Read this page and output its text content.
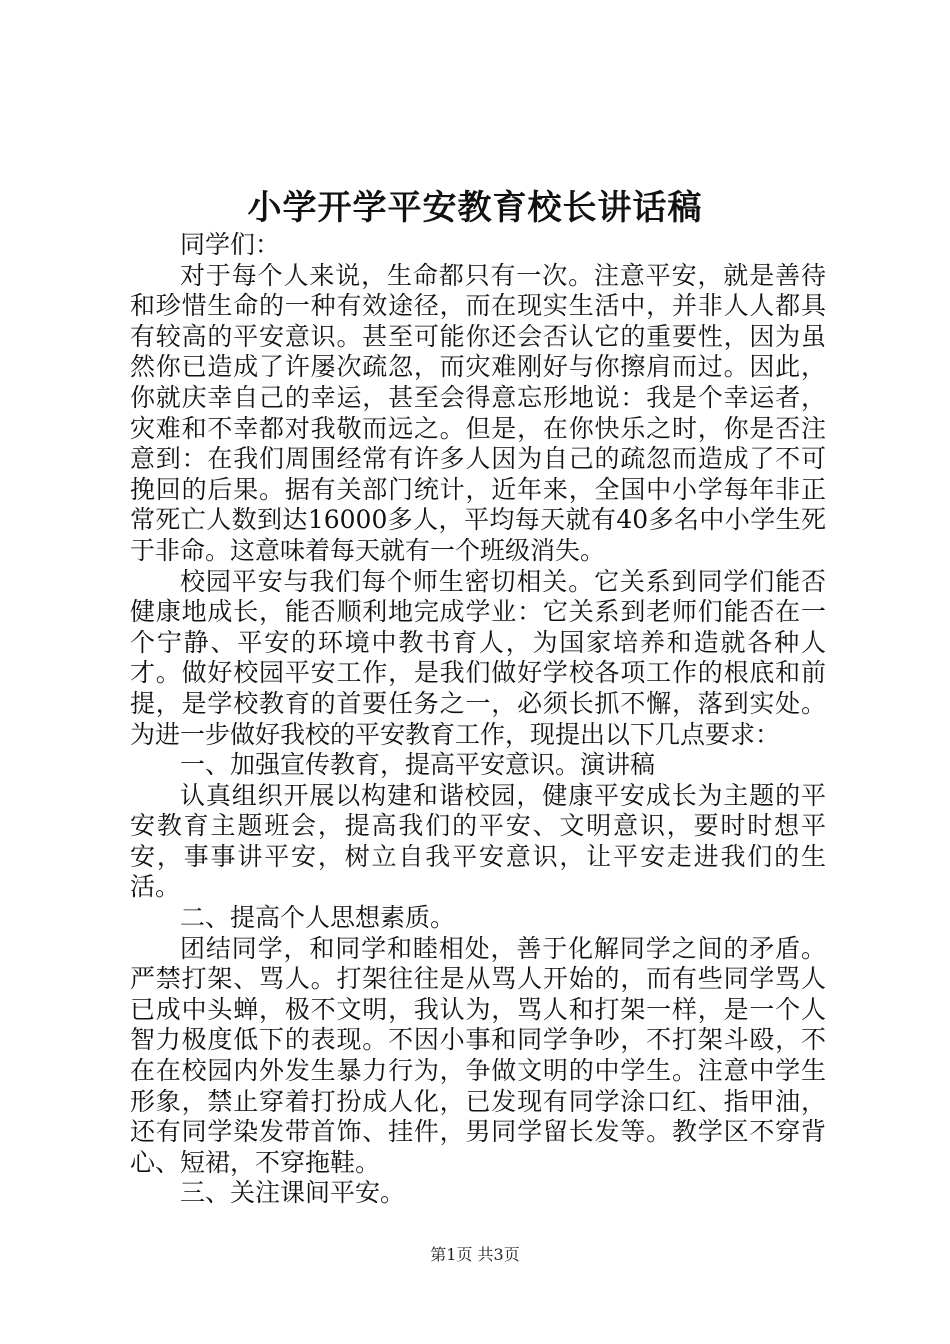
小学开学平安教育校长讲话稿

同学们：

对于每个人来说，生命都只有一次。注意平安，就是善待和珍惜生命的一种有效途径，而在现实生活中，并非人人都具有较高的平安意识。甚至可能你还会否认它的重要性，因为虽然你已造成了许屡次疏忽，而灾难刚好与你擦肩而过。因此，你就庆幸自己的幸运，甚至会得意忘形地说：我是个幸运者，灾难和不幸都对我敬而远之。但是，在你快乐之时，你是否注意到：在我们周围经常有许多人因为自己的疏忽而造成了不可挽回的后果。据有关部门统计，近年来，全国中小学每年非正常死亡人数到达16000多人，平均每天就有40多名中小学生死于非命。这意味着每天就有一个班级消失。

校园平安与我们每个师生密切相关。它关系到同学们能否健康地成长，能否顺利地完成学业：它关系到老师们能否在一个宁静、平安的环境中教书育人，为国家培养和造就各种人才。做好校园平安工作，是我们做好学校各项工作的根底和前提，是学校教育的首要任务之一，必须长抓不懈，落到实处。为进一步做好我校的平安教育工作，现提出以下几点要求：

一、加强宣传教育，提高平安意识。演讲稿

认真组织开展以构建和谐校园，健康平安成长为主题的平安教育主题班会，提高我们的平安、文明意识，要时时想平安，事事讲平安，树立自我平安意识，让平安走进我们的生活。

二、提高个人思想素质。

团结同学，和同学和睦相处，善于化解同学之间的矛盾。严禁打架、骂人。打架往往是从骂人开始的，而有些同学骂人已成中头蝉，极不文明，我认为，骂人和打架一样，是一个人智力极度低下的表现。不因小事和同学争吵，不打架斗殴，不在在校园内外发生暴力行为，争做文明的中学生。注意中学生形象，禁止穿着打扮成人化，已发现有同学涂口红、指甲油，还有同学染发带首饰、挂件，男同学留长发等。教学区不穿背心、短裙，不穿拖鞋。

三、关注课间平安。

第1页 共3页
